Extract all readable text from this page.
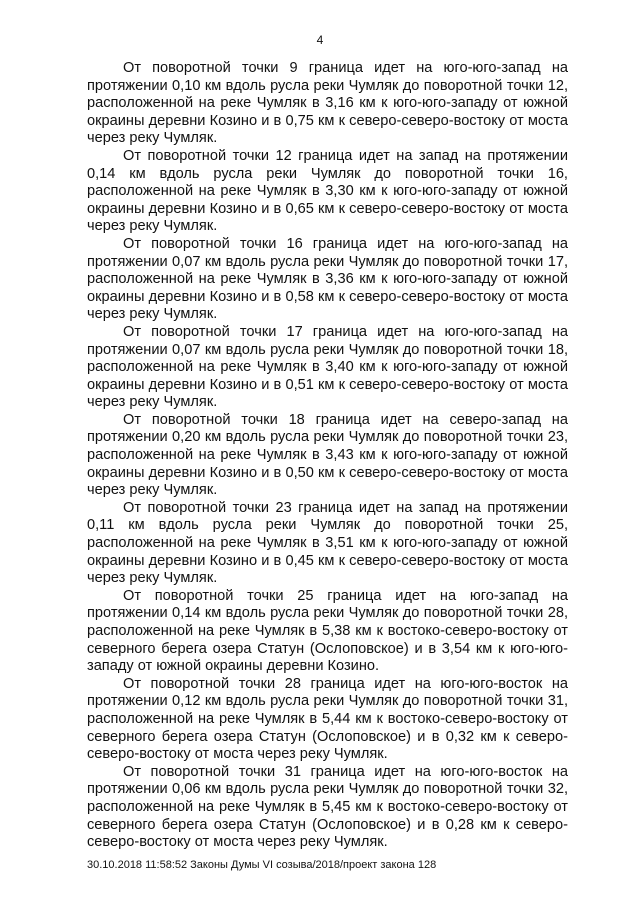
4

От поворотной точки 9 граница идет на юго-юго-запад на протяжении 0,10 км вдоль русла реки Чумляк до поворотной точки 12, расположенной на реке Чумляк в 3,16 км к юго-юго-западу от южной окраины деревни Козино и в 0,75 км к северо-северо-востоку от моста через реку Чумляк.

От поворотной точки 12 граница идет на запад на протяжении 0,14 км вдоль русла реки Чумляк до поворотной точки 16, расположенной на реке Чумляк в 3,30 км к юго-юго-западу от южной окраины деревни Козино и в 0,65 км к северо-северо-востоку от моста через реку Чумляк.

От поворотной точки 16 граница идет на юго-юго-запад на протяжении 0,07 км вдоль русла реки Чумляк до поворотной точки 17, расположенной на реке Чумляк в 3,36 км к юго-юго-западу от южной окраины деревни Козино и в 0,58 км к северо-северо-востоку от моста через реку Чумляк.

От поворотной точки 17 граница идет на юго-юго-запад на протяжении 0,07 км вдоль русла реки Чумляк до поворотной точки 18, расположенной на реке Чумляк в 3,40 км к юго-юго-западу от южной окраины деревни Козино и в 0,51 км к северо-северо-востоку от моста через реку Чумляк.

От поворотной точки 18 граница идет на северо-запад на протяжении 0,20 км вдоль русла реки Чумляк до поворотной точки 23, расположенной на реке Чумляк в 3,43 км к юго-юго-западу от южной окраины деревни Козино и в 0,50 км к северо-северо-востоку от моста через реку Чумляк.

От поворотной точки 23 граница идет на запад на протяжении 0,11 км вдоль русла реки Чумляк до поворотной точки 25, расположенной на реке Чумляк в 3,51 км к юго-юго-западу от южной окраины деревни Козино и в 0,45 км к северо-северо-востоку от моста через реку Чумляк.

От поворотной точки 25 граница идет на юго-запад на протяжении 0,14 км вдоль русла реки Чумляк до поворотной точки 28, расположенной на реке Чумляк в 5,38 км к востоко-северо-востоку от северного берега озера Статун (Ослоповское) и в 3,54 км к юго-юго-западу от южной окраины деревни Козино.

От поворотной точки 28 граница идет на юго-юго-восток на протяжении 0,12 км вдоль русла реки Чумляк до поворотной точки 31, расположенной на реке Чумляк в 5,44 км к востоко-северо-востоку от северного берега озера Статун (Ослоповское) и в 0,32 км к северо-северо-востоку от моста через реку Чумляк.

От поворотной точки 31 граница идет на юго-юго-восток на протяжении 0,06 км вдоль русла реки Чумляк до поворотной точки 32, расположенной на реке Чумляк в 5,45 км к востоко-северо-востоку от северного берега озера Статун (Ослоповское) и в 0,28 км к северо-северо-востоку от моста через реку Чумляк.

30.10.2018 11:58:52 Законы Думы VI созыва/2018/проект закона 128
